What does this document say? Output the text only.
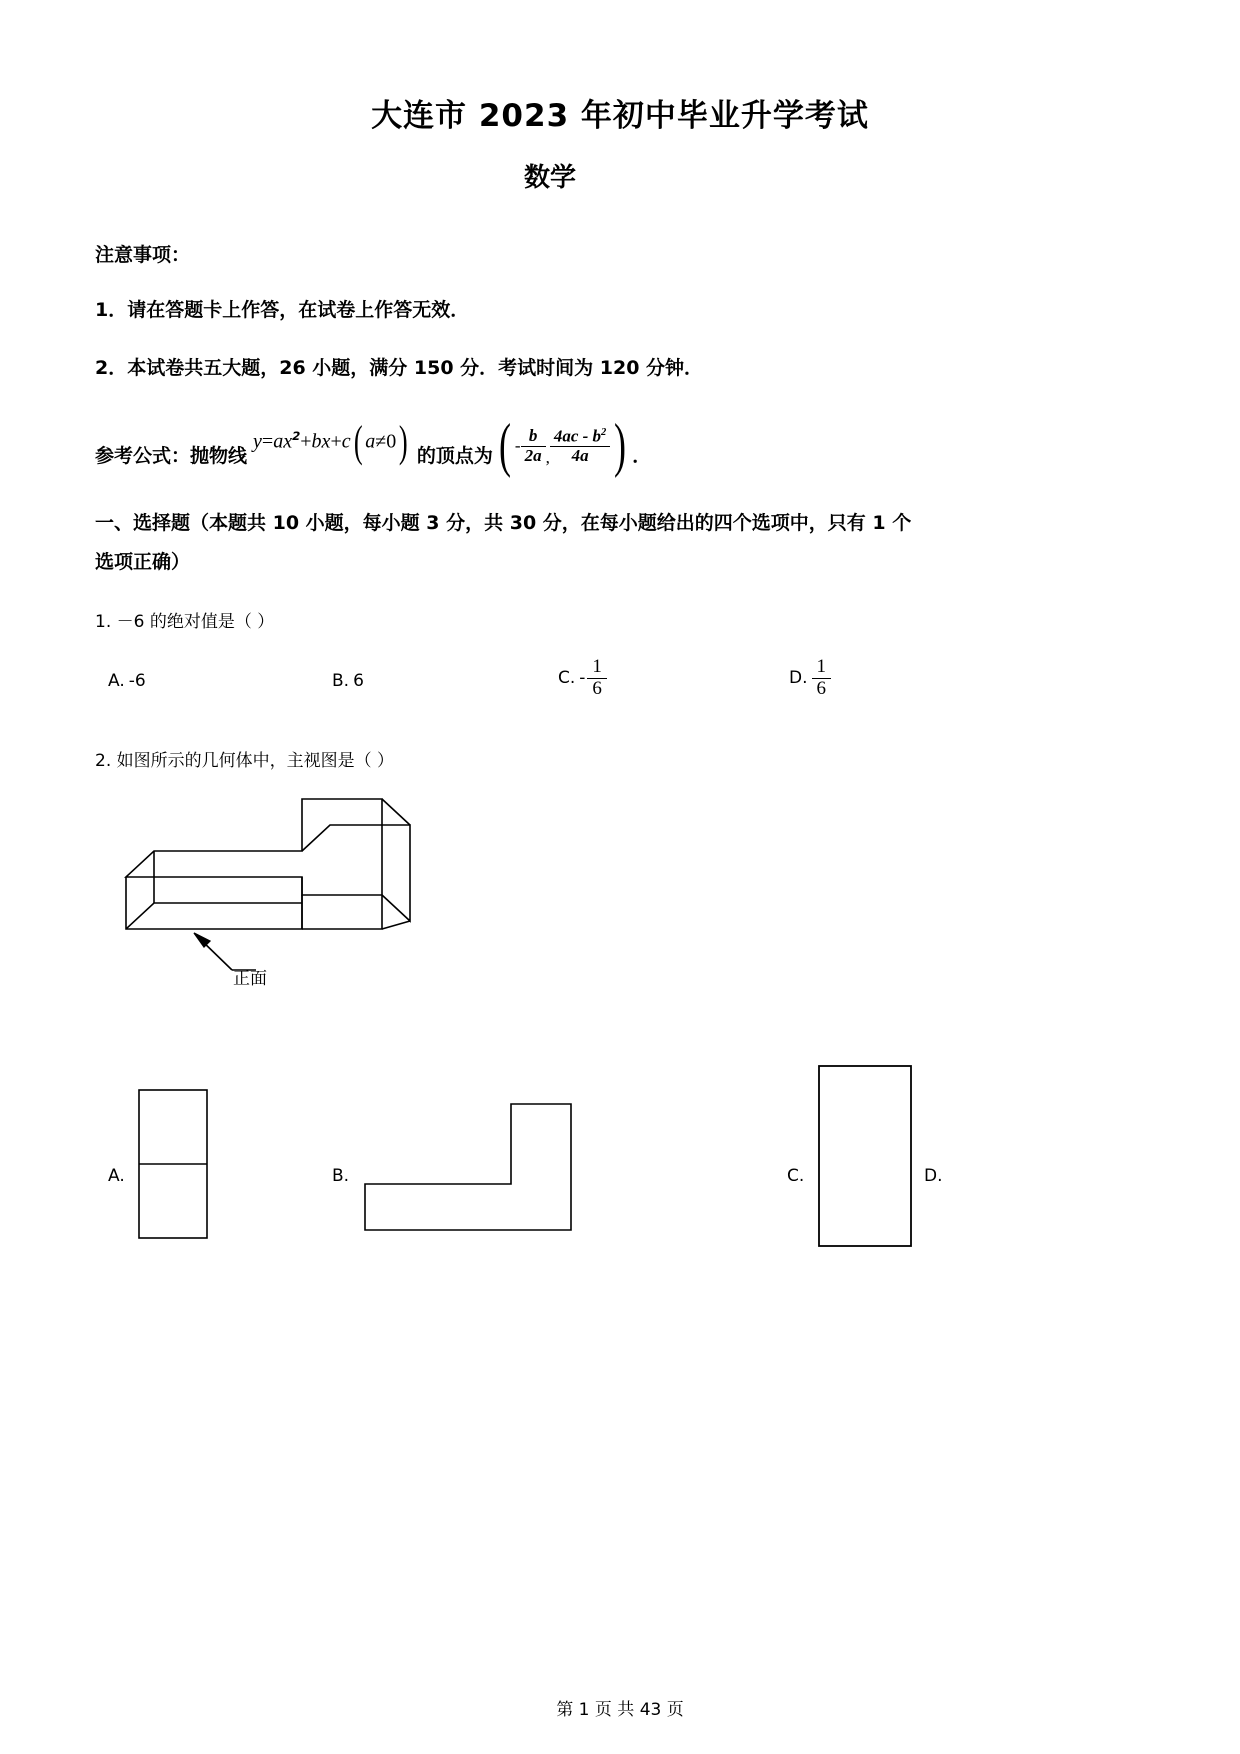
大连市 2023 年初中毕业升学考试
数学

注意事项：

1．请在答题卡上作答，在试卷上作答无效．

2．本试卷共五大题，26 小题，满分 150 分．考试时间为 120 分钟．

参考公式：抛物线
$y=ax^2+bx+c$( a≠0) 的顶点为 ( - $\frac{b}{2a}$ , $\frac{4ac - b^2}{4a}$ ) ．

一、选择题（本题共 10 小题，每小题 3 分，共 30 分，在每小题给出的四个选项中，只有 1 个
选项正确）

1. －6 的绝对值是（ ）

A. -6	B. 6	C. - $\frac{1}{6}$	D. $\frac{1}{6}$

2. 如图所示的几何体中，主视图是（ ）

正面
A.	B.	C.	D.
第 1 页 共 43 页
